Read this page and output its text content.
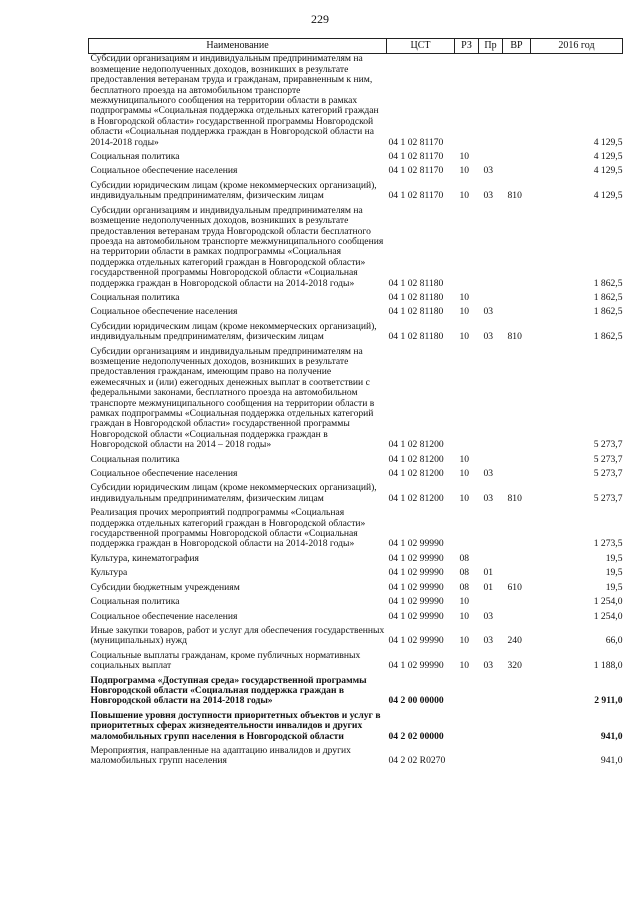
229
Наименование	ЦСТ	РЗ	Пр	ВР	2016 год
Субсидии организациям и индивидуальным предпринимателям на возмещение недополученных доходов, возникших в результате предоставления ветеранам труда и гражданам, приравненным к ним, бесплатного проезда на автомобильном транспорте межмуниципального сообщения на территории области в рамках подпрограммы «Социальная поддержка отдельных категорий граждан в Новгородской области» государственной программы Новгородской области «Социальная поддержка граждан в Новгородской области на 2014-2018 годы»	04 1 02 81170				4 129,5
Социальная политика	04 1 02 81170	10			4 129,5
Социальное обеспечение населения	04 1 02 81170	10	03		4 129,5
Субсидии юридическим лицам (кроме некоммерческих организаций), индивидуальным предпринимателям, физическим лицам	04 1 02 81170	10	03	810	4 129,5
Субсидии организациям и индивидуальным предпринимателям на возмещение недополученных доходов, возникших в результате предоставления ветеранам труда Новгородской области бесплатного проезда на автомобильном транспорте межмуниципального сообщения на территории области в рамках подпрограммы «Социальная поддержка отдельных категорий граждан в Новгородской области» государственной программы Новгородской области «Социальная поддержка граждан в Новгородской области на 2014-2018 годы»	04 1 02 81180				1 862,5
Социальная политика	04 1 02 81180	10			1 862,5
Социальное обеспечение населения	04 1 02 81180	10	03		1 862,5
Субсидии юридическим лицам (кроме некоммерческих организаций), индивидуальным предпринимателям, физическим лицам	04 1 02 81180	10	03	810	1 862,5
Субсидии организациям и индивидуальным предпринимателям на возмещение недополученных доходов, возникших в результате предоставления гражданам, имеющим право на получение ежемесячных и (или) ежегодных денежных выплат в соответствии с федеральными законами, бесплатного проезда на автомобильном транспорте межмуниципального сообщения на территории области в рамках подпрограммы «Социальная поддержка отдельных категорий граждан в Новгородской области» государственной программы Новгородской области «Социальная поддержка граждан в Новгородской области на 2014 – 2018 годы»	04 1 02 81200				5 273,7
Социальная политика	04 1 02 81200	10			5 273,7
Социальное обеспечение населения	04 1 02 81200	10	03		5 273,7
Субсидии юридическим лицам (кроме некоммерческих организаций), индивидуальным предпринимателям, физическим лицам	04 1 02 81200	10	03	810	5 273,7
Реализация прочих мероприятий подпрограммы «Социальная поддержка отдельных категорий граждан в Новгородской области» государственной программы Новгородской области «Социальная поддержка граждан в Новгородской области на 2014-2018 годы»	04 1 02 99990				1 273,5
Культура, кинематография	04 1 02 99990	08			19,5
Культура	04 1 02 99990	08	01		19,5
Субсидии бюджетным учреждениям	04 1 02 99990	08	01	610	19,5
Социальная политика	04 1 02 99990	10			1 254,0
Социальное обеспечение населения	04 1 02 99990	10	03		1 254,0
Иные закупки товаров, работ и услуг для обеспечения государственных (муниципальных) нужд	04 1 02 99990	10	03	240	66,0
Социальные выплаты гражданам, кроме публичных нормативных социальных выплат	04 1 02 99990	10	03	320	1 188,0
Подпрограмма «Доступная среда» государственной программы Новгородской области «Социальная поддержка граждан в Новгородской области на 2014-2018 годы»	04 2 00 00000				2 911,0
Повышение уровня доступности приоритетных объектов и услуг в приоритетных сферах жизнедеятельности инвалидов и других маломобильных групп населения в Новгородской области	04 2 02 00000				941,0
Мероприятия, направленные на адаптацию инвалидов и других маломобильных групп населения	04 2 02 R0270				941,0
